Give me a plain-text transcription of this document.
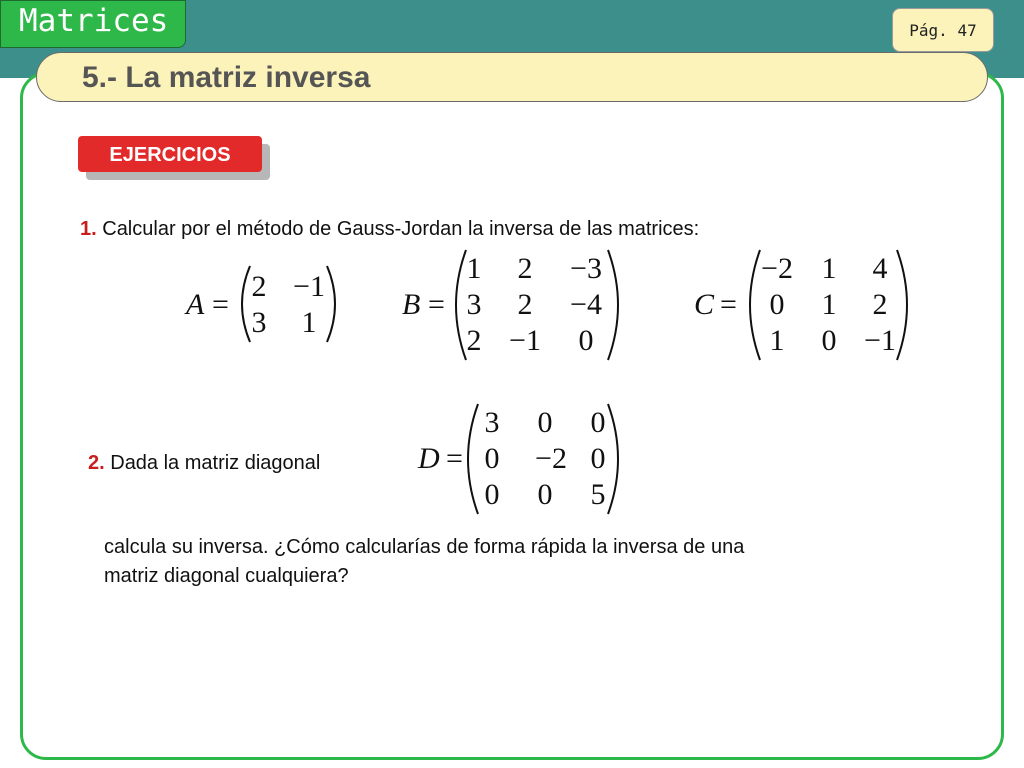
Matrices	Pág. 47
5.- La matriz inversa
EJERCICIOS
1. Calcular por el método de Gauss-Jordan la inversa de las matrices:
A =
2 −1
3	1
B =
1	2	−3
3	2	−4
2 −1	0
C =
−2 1	4
0	1	2
1	0 −1
2. Dada la matriz diagonal	D =
3	0	0
0	−2 0
0	0	5
calcula su inversa. ¿Cómo calcularías de forma rápida la inversa de una
matriz diagonal cualquiera?
